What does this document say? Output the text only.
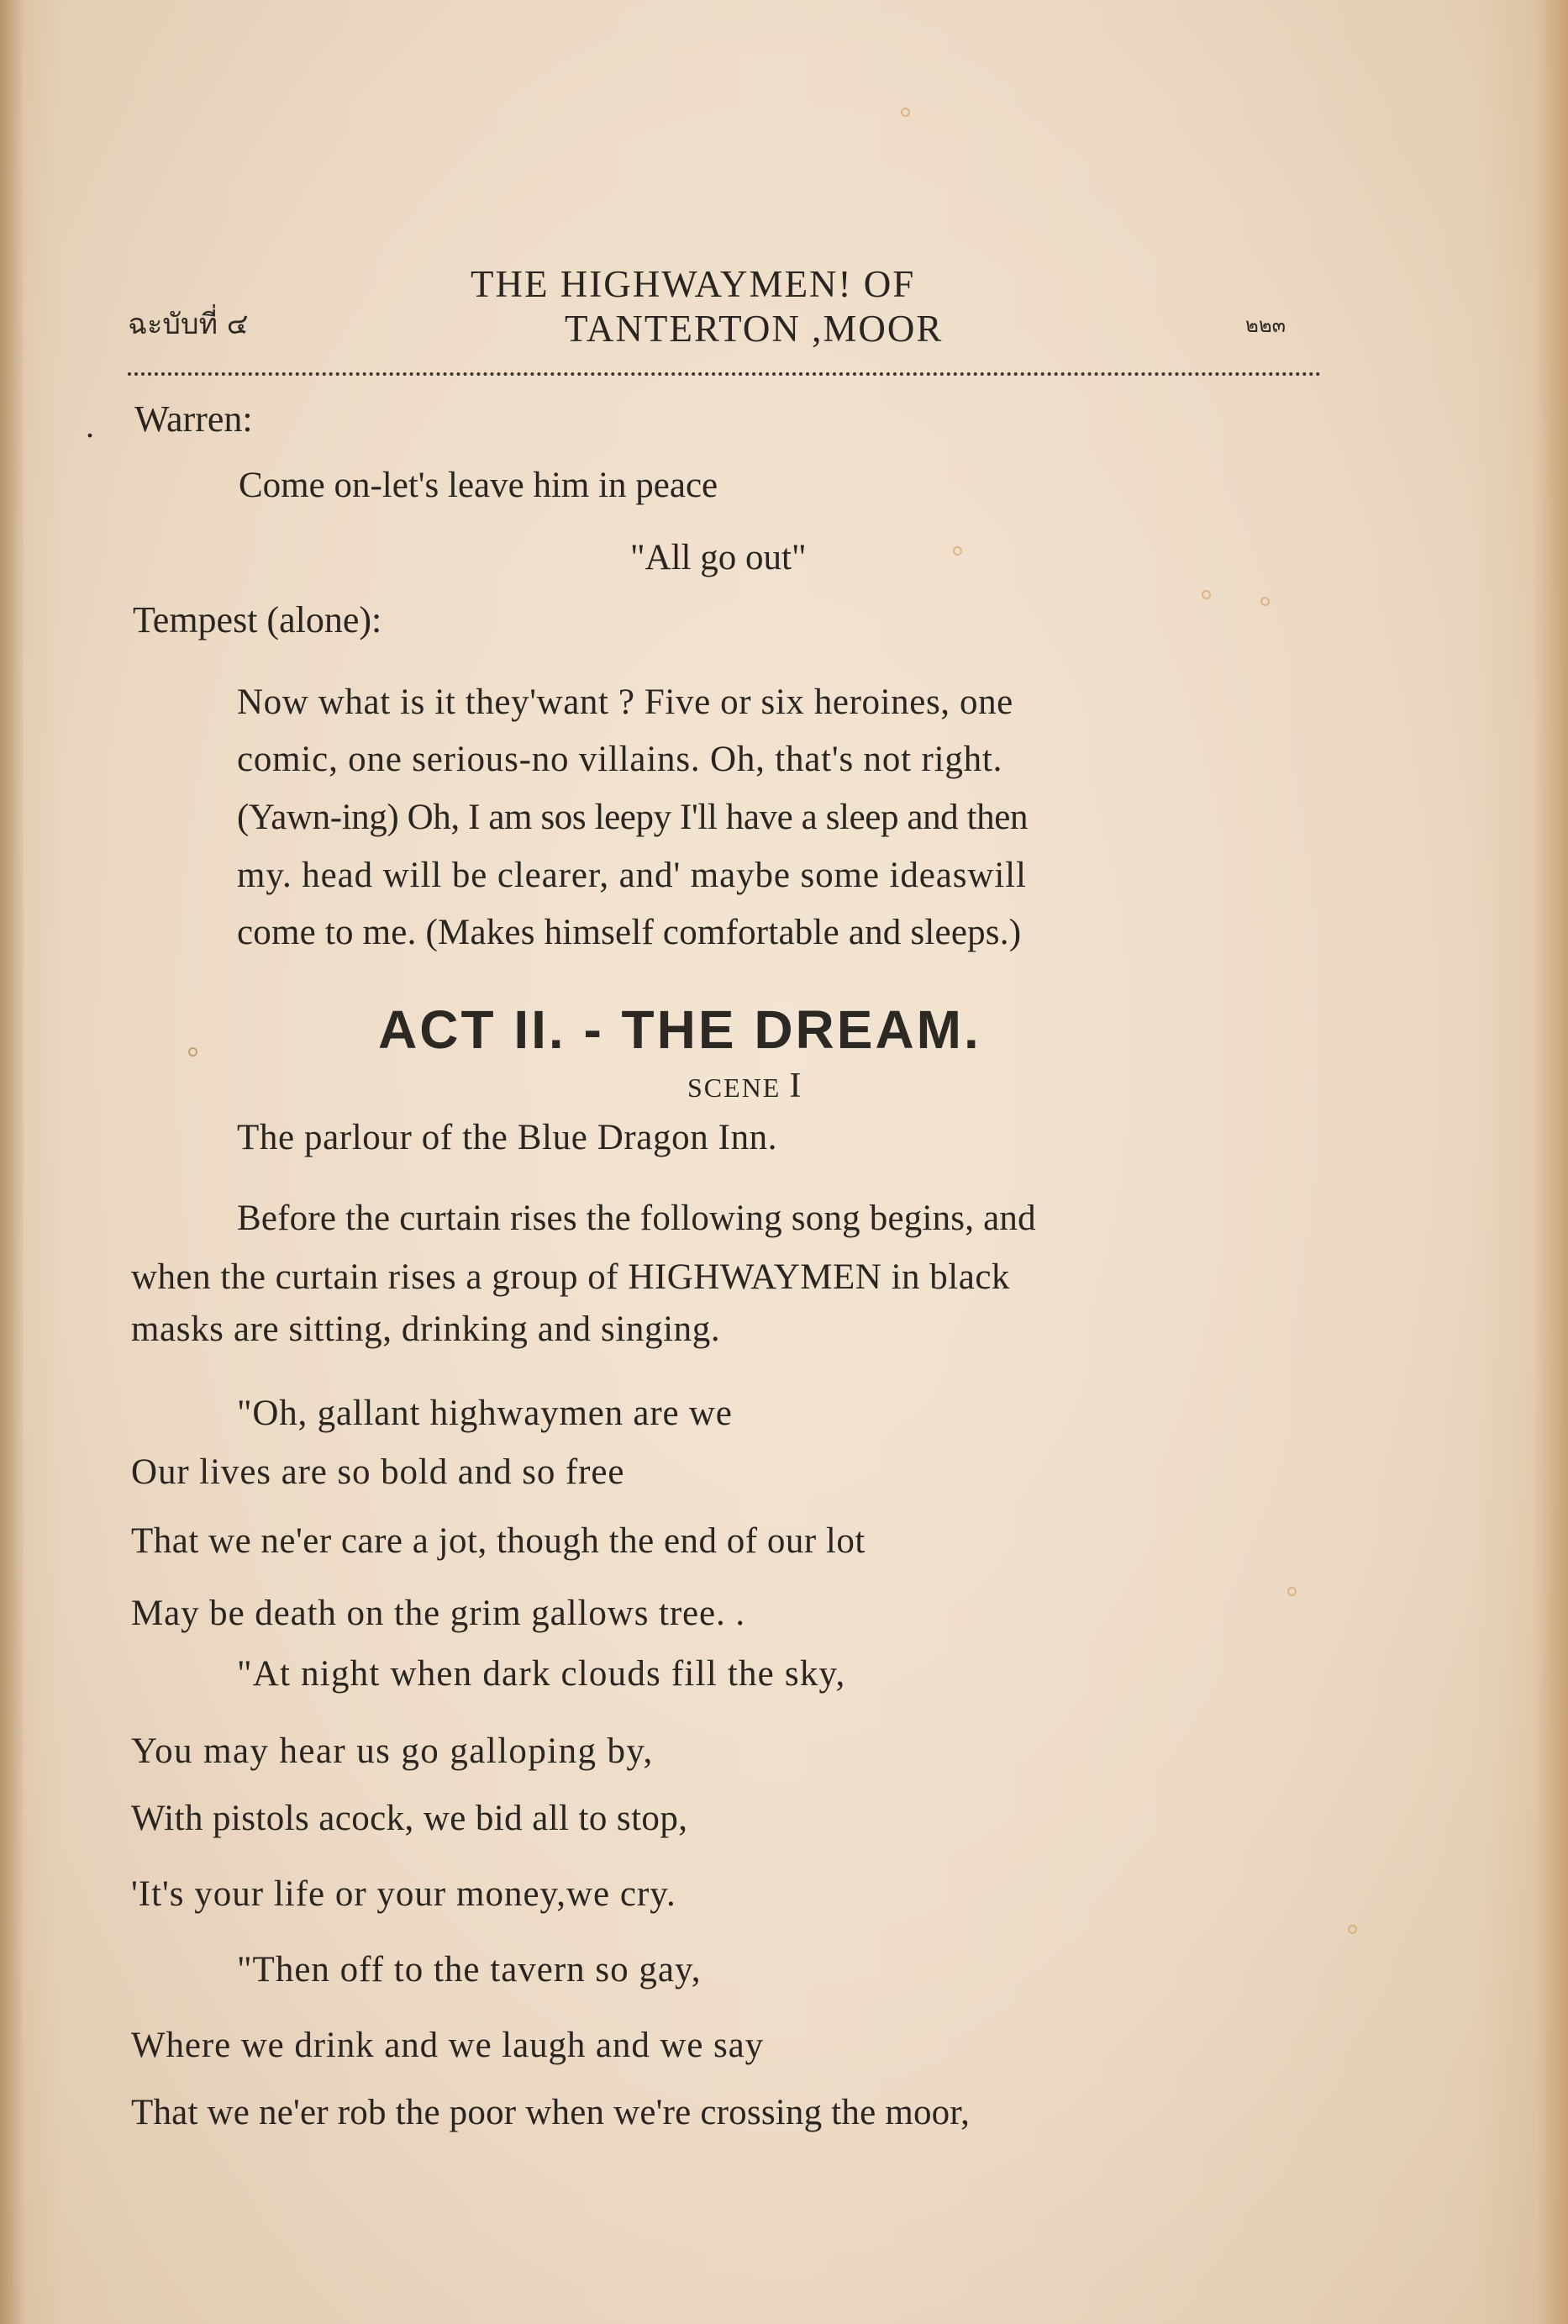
ฉะบับที่ ๔
THE HIGHWAYMEN! OF
TANTERTON ,MOOR	๒๒๓
. Warren:
Come on-let's leave him in peace
"All go out"
Tempest (alone):
Now what is it they'want ? Five or six heroines, one
comic, one serious-no villains. Oh, that's not right.
(Yawn-ing) Oh, I am sos leepy I'll have a sleep and then
my. head will be clearer, and' maybe some ideaswill
come to me. (Makes himself comfortable and sleeps.)
ACT II. - THE DREAM.
SCENE I
The parlour of the Blue Dragon Inn.
Before the curtain rises the following song begins, and
when the curtain rises a group of HIGHWAYMEN in black
masks are sitting, drinking and singing.
"Oh, gallant highwaymen are we
Our lives are so bold and so free
That we ne'er care a jot, though the end of our lot
May be death on the grim gallows tree. .
"At night when dark clouds fill the sky,
You may hear us go galloping by,
With pistols acock, we bid all to stop,
'It's your life or your money,we cry.
"Then off to the tavern so gay,
Where we drink and we laugh and we say
That we ne'er rob the poor when we're crossing the moor,
